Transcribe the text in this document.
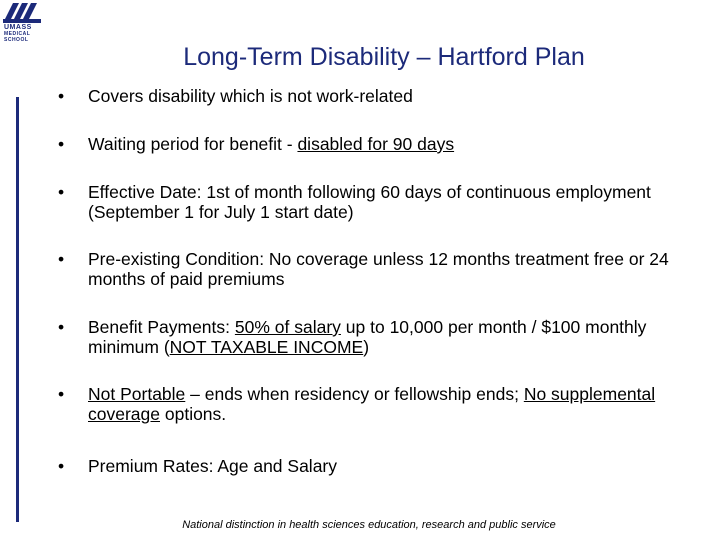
UMASS
MEDICAL
SCHOOL
Long-Term Disability – Hartford Plan
•	Covers disability which is not work-related
•	Waiting period for benefit - disabled for 90 days
•	Effective Date: 1st of month following 60 days of continuous employment (September 1 for July 1 start date)
•	Pre-existing Condition: No coverage unless 12 months treatment free or 24 months of paid premiums
•	Benefit Payments: 50% of salary up to 10,000 per month / $100 monthly minimum (NOT TAXABLE INCOME)
•	Not Portable – ends when residency or fellowship ends; No supplemental coverage options.
•	Premium Rates: Age and Salary
National distinction in health sciences education, research and public service
